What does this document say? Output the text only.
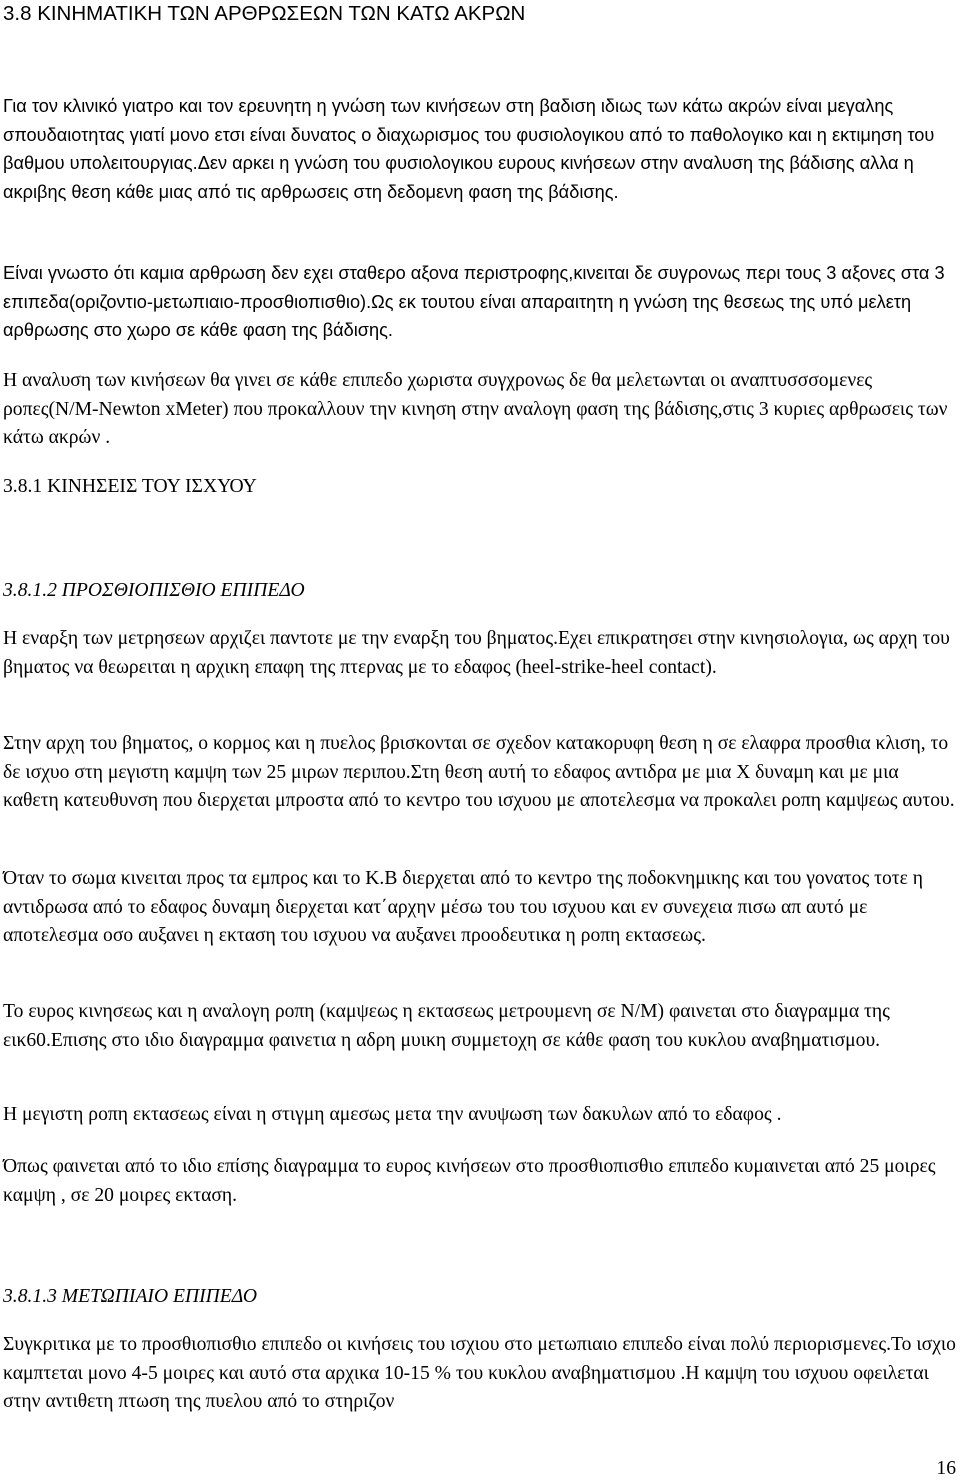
3.8 ΚΙΝΗΜΑΤΙΚΗ ΤΩΝ ΑΡΘΡΩΣΕΩΝ ΤΩΝ ΚΑΤΩ ΑΚΡΩΝ

Για τον κλινικό γιατρο και τον ερευνητη η γνώση των κινήσεων στη βαδιση ιδιως των κάτω ακρών είναι μεγαλης σπουδαιοτητας γιατί μονο ετσι είναι δυνατος ο διαχωρισμος του φυσιολογικου από το παθολογικο και η εκτιμηση του βαθμου υπολειτουργιας.Δεν αρκει η γνώση του φυσιολογικου ευρους κινήσεων στην αναλυση της βάδισης αλλα η ακριβης θεση κάθε μιας από τις αρθρωσεις στη δεδομενη φαση της βάδισης.

Είναι γνωστο ότι καμια αρθρωση δεν εχει σταθερο αξονα περιστροφης,κινειται δε συγρονως περι τους 3 αξονες στα 3 επιπεδα(οριζοντιο-μετωπιαιο-προσθιοπισθιο).Ως εκ τουτου είναι απαραιτητη η γνώση της θεσεως της υπό μελετη αρθρωσης στο χωρο σε κάθε φαση της βάδισης.

Η αναλυση των κινήσεων θα γινει σε κάθε επιπεδο χωριστα συγχρονως δε θα μελετωνται οι αναπτυσσσομενες ροπες(N/M-Newton xMeter) που προκαλλουν την κινηση στην αναλογη φαση της βάδισης,στις 3 κυριες αρθρωσεις των κάτω ακρών .

3.8.1 ΚΙΝΗΣΕΙΣ ΤΟΥ ΙΣΧΥΟΥ
3.8.1.2 ΠΡΟΣΘΙΟΠΙΣΘΙΟ ΕΠΙΠΕΔΟ

Η εναρξη των μετρησεων αρχιζει παντοτε με την εναρξη του βηματος.Εχει επικρατησει στην κινησιολογια, ως αρχη του βηματος να θεωρειται η αρχικη επαφη της πτερνας με το εδαφος (heel-strike-heel contact).

Στην αρχη του βηματος, ο κορμος και η πυελος βρισκονται σε σχεδον κατακορυφη θεση η σε ελαφρα προσθια κλιση, το δε ισχυο στη μεγιστη καμψη των 25 μιρων περιπου.Στη θεση αυτή το εδαφος αντιδρα με μια Χ δυναμη και με μια καθετη κατευθυνση που διερχεται μπροστα από το κεντρο του ισχυου με αποτελεσμα να προκαλει ροπη καμψεως αυτου.

Όταν το σωμα κινειται προς τα εμπρος και το Κ.Β διερχεται από το κεντρο της ποδοκνημικης και του γονατος τοτε η αντιδρωσα από το εδαφος δυναμη διερχεται κατ΄αρχην μέσω του του ισχυου και εν συνεχεια πισω απ αυτό με αποτελεσμα οσο αυξανει η εκταση του ισχυου να αυξανει προοδευτικα η ροπη εκτασεως.

Το ευρος κινησεως και η αναλογη ροπη (καμψεως η εκτασεως μετρουμενη σε Ν/Μ) φαινεται στο διαγραμμα της εικ60.Επισης στο ιδιο διαγραμμα φαινετια η αδρη μυικη συμμετοχη σε κάθε φαση του κυκλου αναβηματισμου.

Η μεγιστη ροπη εκτασεως είναι η στιγμη αμεσως μετα την ανυψωση των δακυλων από το εδαφος .

Όπως φαινεται από το ιδιο επίσης διαγραμμα το ευρος κινήσεων στο προσθιοπισθιο επιπεδο κυμαινεται από 25 μοιρες καμψη , σε 20 μοιρες εκταση.

3.8.1.3 ΜΕΤΩΠΙΑΙΟ ΕΠΙΠΕΔΟ

Συγκριτικα με το προσθιοπισθιο επιπεδο οι κινήσεις του ισχιου στο μετωπιαιο επιπεδο είναι πολύ περιορισμενες.Το ισχιο καμπτεται μονο 4-5 μοιρες και αυτό στα αρχικα 10-15 % του κυκλου αναβηματισμου .Η καμψη του ισχυου οφειλεται στην αντιθετη πτωση της πυελου από το στηριζον

16
